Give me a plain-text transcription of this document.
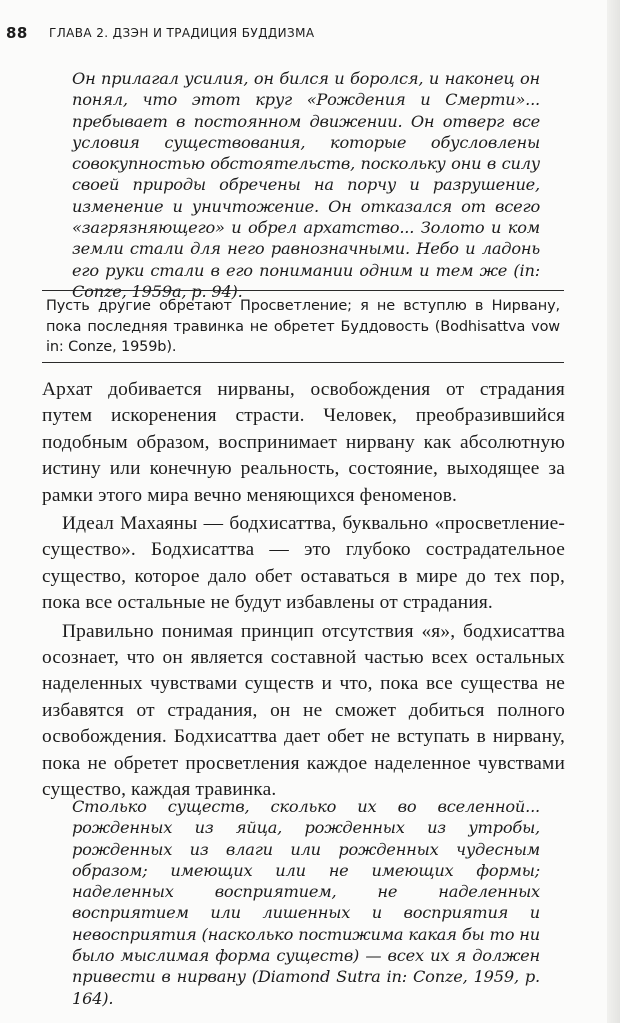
88 ГЛАВА 2. ДЗЭН И ТРАДИЦИЯ БУДДИЗМА

Он прилагал усилия, он бился и боролся, и наконец он понял, что этот круг «Рождения и Смерти»... пребывает в постоянном движении. Он отверг все условия существования, которые обусловлены совокупностью обстоятельств, поскольку они в силу своей природы обречены на порчу и разрушение, изменение и уничтожение. Он отказался от всего «загрязняющего» и обрел архатство... Золото и ком земли стали для него равнозначными. Небо и ладонь его руки стали в его понимании одним и тем же (in: Conze, 1959a, p. 94).

Пусть другие обретают Просветление; я не вступлю в Нирвану, пока последняя травинка не обретет Буддовость (Bodhisattva vow in: Conze, 1959b).

Архат добивается нирваны, освобождения от страдания путем искоренения страсти. Человек, преобразившийся подобным образом, воспринимает нирвану как абсолютную истину или конечную реальность, состояние, выходящее за рамки этого мира вечно меняющихся феноменов.

Идеал Махаяны — бодхисаттва, буквально «просветление-существо». Бодхисаттва — это глубоко сострадательное существо, которое дало обет оставаться в мире до тех пор, пока все остальные не будут избавлены от страдания.

Правильно понимая принцип отсутствия «я», бодхисаттва осознает, что он является составной частью всех остальных наделенных чувствами существ и что, пока все существа не избавятся от страдания, он не сможет добиться полного освобождения. Бодхисаттва дает обет не вступать в нирвану, пока не обретет просветления каждое наделенное чувствами существо, каждая травинка.

Столько существ, сколько их во вселенной... рожденных из яйца, рожденных из утробы, рожденных из влаги или рожденных чудесным образом; имеющих или не имеющих формы; наделенных восприятием, не наделенных восприятием или лишенных и восприятия и невосприятия (насколько постижима какая бы то ни было мыслимая форма существ) — всех их я должен привести в нирвану (Diamond Sutra in: Conze, 1959, p. 164).
